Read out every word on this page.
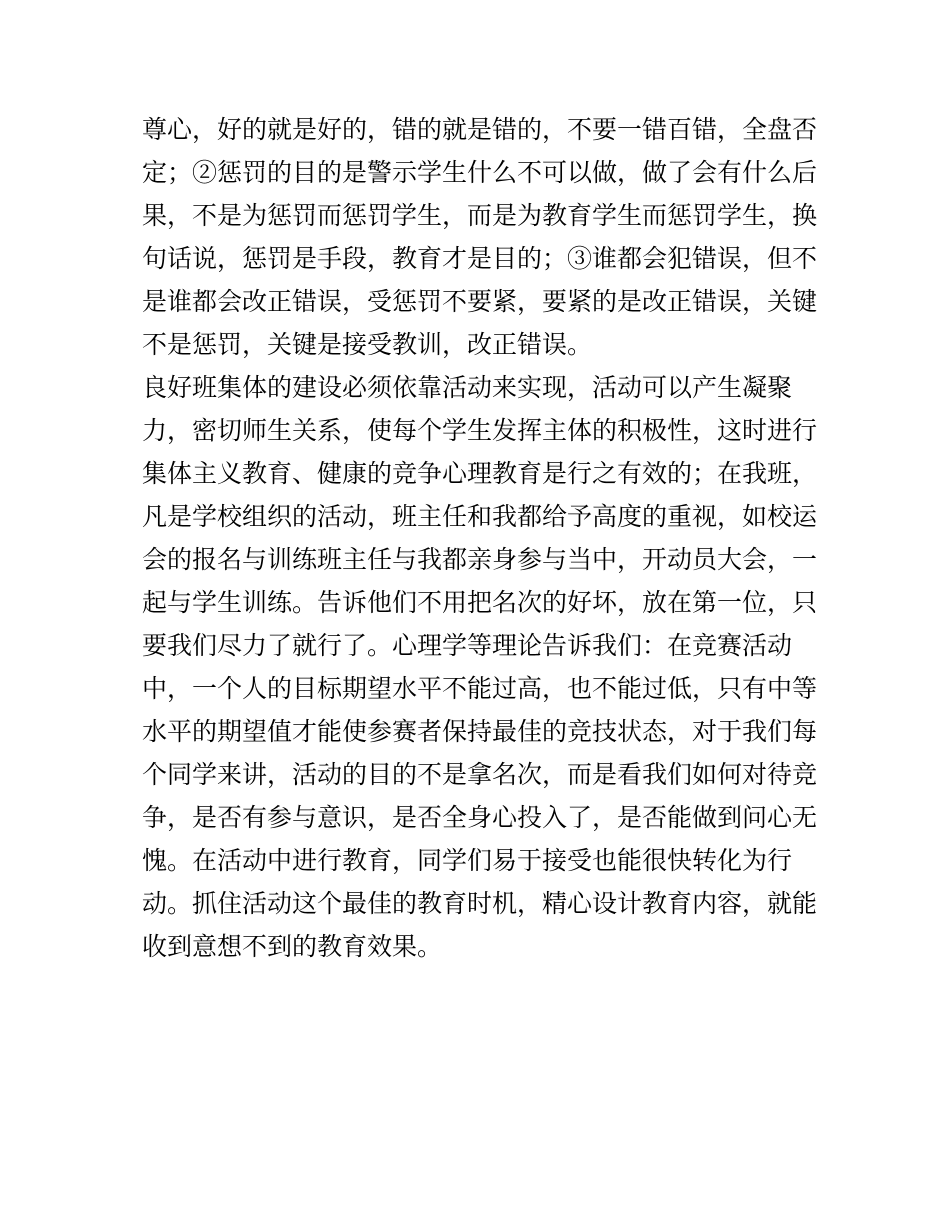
尊心，好的就是好的，错的就是错的，不要一错百错，全盘否
定；②惩罚的目的是警示学生什么不可以做，做了会有什么后
果，不是为惩罚而惩罚学生，而是为教育学生而惩罚学生，换
句话说，惩罚是手段，教育才是目的；③谁都会犯错误，但不
是谁都会改正错误，受惩罚不要紧，要紧的是改正错误，关键
不是惩罚，关键是接受教训，改正错误。
良好班集体的建设必须依靠活动来实现，活动可以产生凝聚
力，密切师生关系，使每个学生发挥主体的积极性，这时进行
集体主义教育、健康的竞争心理教育是行之有效的；在我班，
凡是学校组织的活动，班主任和我都给予高度的重视，如校运
会的报名与训练班主任与我都亲身参与当中，开动员大会，一
起与学生训练。告诉他们不用把名次的好坏，放在第一位，只
要我们尽力了就行了。心理学等理论告诉我们：在竞赛活动
中，一个人的目标期望水平不能过高，也不能过低，只有中等
水平的期望值才能使参赛者保持最佳的竞技状态，对于我们每
个同学来讲，活动的目的不是拿名次，而是看我们如何对待竞
争，是否有参与意识，是否全身心投入了，是否能做到问心无
愧。在活动中进行教育，同学们易于接受也能很快转化为行
动。抓住活动这个最佳的教育时机，精心设计教育内容，就能
收到意想不到的教育效果。
